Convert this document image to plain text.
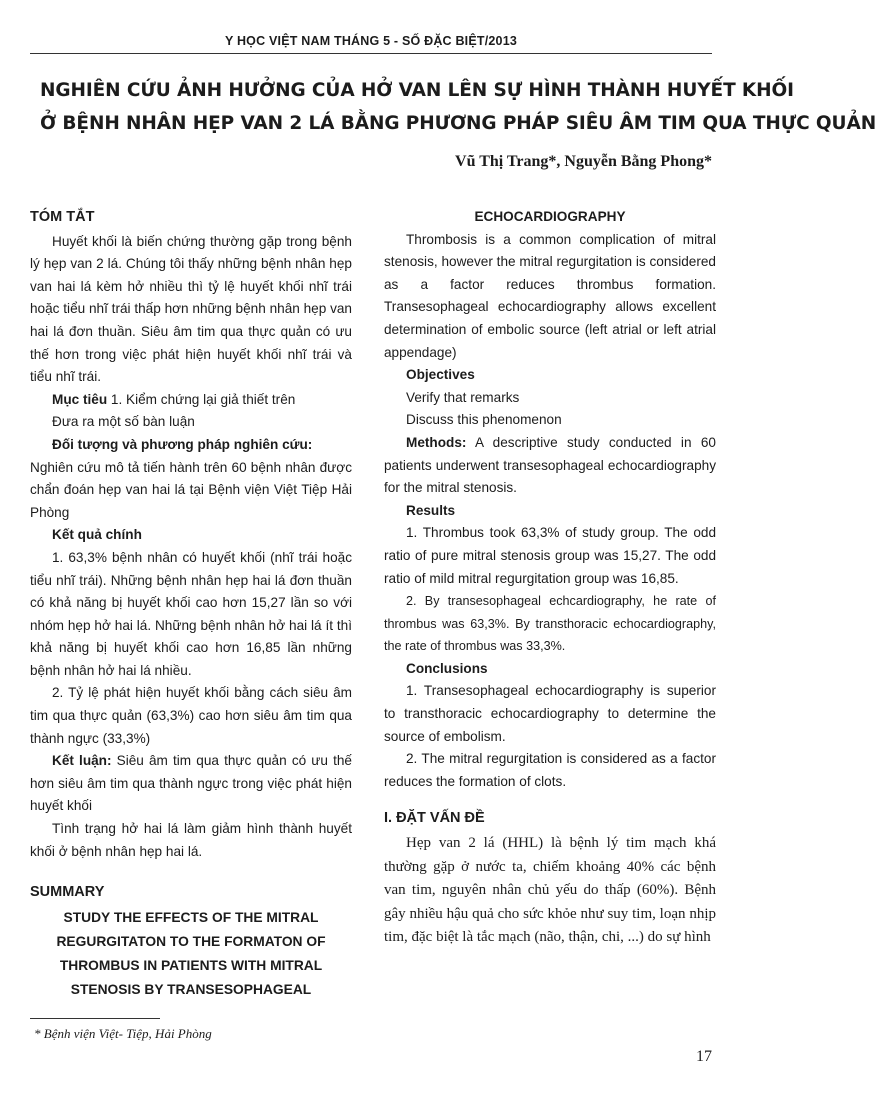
Y HỌC VIỆT NAM THÁNG 5 - SỐ ĐẶC BIỆT/2013
NGHIÊN CỨU ẢNH HƯỞNG CỦA HỞ VAN LÊN SỰ HÌNH THÀNH HUYẾT KHỐI
Ở BỆNH NHÂN HẸP VAN 2 LÁ BẰNG PHƯƠNG PHÁP SIÊU ÂM TIM QUA THỰC QUẢN
Vũ Thị Trang*, Nguyễn Bằng Phong*

TÓM TẮT

Huyết khối là biến chứng thường gặp trong bệnh lý hẹp van 2 lá. Chúng tôi thấy những bệnh nhân hẹp van hai lá kèm hở nhiều thì tỷ lệ huyết khối nhĩ trái hoặc tiểu nhĩ trái thấp hơn những bệnh nhân hẹp van hai lá đơn thuần. Siêu âm tim qua thực quản có ưu thế hơn trong việc phát hiện huyết khối nhĩ trái và tiểu nhĩ trái.

Mục tiêu 1. Kiểm chứng lại giả thiết trên

Đưa ra một số bàn luận

Đối tượng và phương pháp nghiên cứu:

Nghiên cứu mô tả tiến hành trên 60 bệnh nhân được chẩn đoán hẹp van hai lá tại Bệnh viện Việt Tiệp Hải Phòng

Kết quả chính

1. 63,3% bệnh nhân có huyết khối (nhĩ trái hoặc tiểu nhĩ trái). Những bệnh nhân hẹp hai lá đơn thuần có khả năng bị huyết khối cao hơn 15,27 lần so với nhóm hẹp hở hai lá. Những bệnh nhân hở hai lá ít thì khả năng bị huyết khối cao hơn 16,85 lần những bệnh nhân hở hai lá nhiều.

2. Tỷ lệ phát hiện huyết khối bằng cách siêu âm tim qua thực quản (63,3%) cao hơn siêu âm tim qua thành ngực (33,3%)

Kết luận: Siêu âm tim qua thực quản có ưu thế hơn siêu âm tim qua thành ngực trong việc phát hiện huyết khối

Tình trạng hở hai lá làm giảm hình thành huyết khối ở bệnh nhân hẹp hai lá.

SUMMARY

STUDY THE EFFECTS OF THE MITRAL REGURGITATON TO THE FORMATON OF THROMBUS IN PATIENTS WITH MITRAL STENOSIS BY TRANSESOPHAGEAL

ECHOCARDIOGRAPHY

Thrombosis is a common complication of mitral stenosis, however the mitral regurgitation is considered as a factor reduces thrombus formation. Transesophageal echocardiography allows excellent determination of embolic source (left atrial or left atrial appendage)

Objectives

Verify that remarks

Discuss this phenomenon

Methods: A descriptive study conducted in 60 patients underwent transesophageal echocardiography for the mitral stenosis.

Results

1. Thrombus took 63,3% of study group. The odd ratio of pure mitral stenosis group was 15,27. The odd ratio of mild mitral regurgitation group was 16,85.

2. By transesophageal echcardiography, he rate of thrombus was 63,3%. By transthoracic echocardiography, the rate of thrombus was 33,3%.

Conclusions

1. Transesophageal echocardiography is superior to transthoracic echocardiography to determine the source of embolism.

2. The mitral regurgitation is considered as a factor reduces the formation of clots.

I. ĐẶT VẤN ĐỀ

Hẹp van 2 lá (HHL) là bệnh lý tim mạch khá thường gặp ở nước ta, chiếm khoảng 40% các bệnh van tim, nguyên nhân chủ yếu do thấp (60%). Bệnh gây nhiều hậu quả cho sức khỏe như suy tim, loạn nhịp tim, đặc biệt là tắc mạch (não, thận, chi, ...) do sự hình

* Bệnh viện Việt- Tiệp, Hải Phòng
17
